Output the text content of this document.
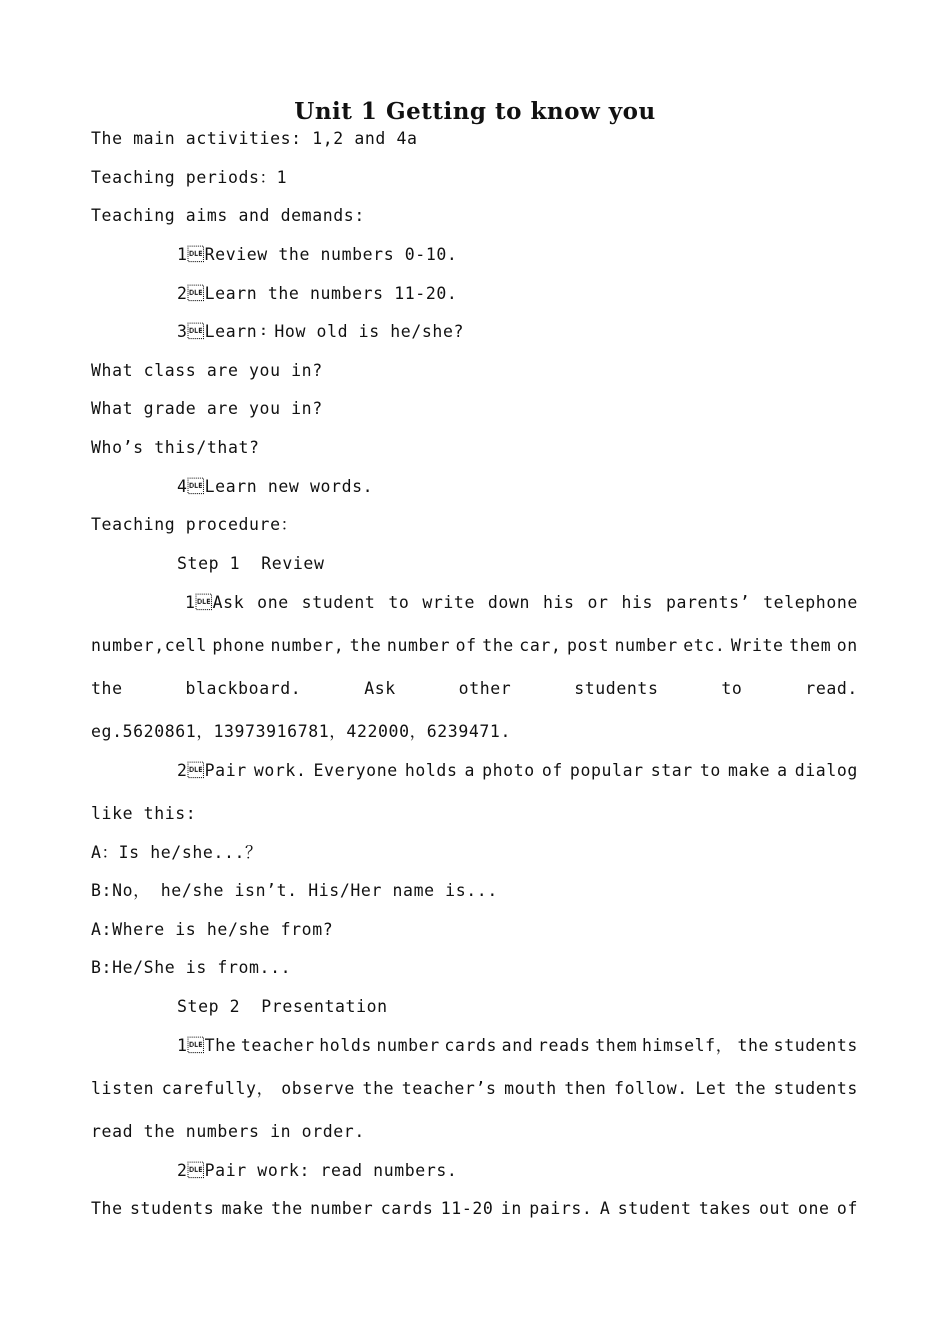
Unit 1 Getting to know you
The main activities: 1,2 and 4a
Teaching periods：1
Teaching aims and demands:
1Review the numbers 0-10.
2Learn the numbers 11-20.
3Learn：How old is he/she?
What class are you in?
What grade are you in?
Who’s this/that?
4Learn new words.
Teaching procedure：
Step 1  Review
1Ask one student to write down his or his parents’ telephone
number,cell phone number, the number of the car, post number etc. Write them on
the	blackboard.	Ask	other	students	to	read.
eg.5620861，13973916781，422000，6239471.
2Pair work. Everyone holds a photo of popular star to make a dialog
like this:
A：Is he/she...？
B:No， he/she isn’t. His/Her name is...
A:Where is he/she from?
B:He/She is from...
Step 2  Presentation
1The teacher holds number cards and reads them himself， the students
listen carefully， observe the teacher’s mouth then follow. Let the students
read the numbers in order.
2Pair work: read numbers.
The students make the number cards 11-20 in pairs. A student takes out one of
